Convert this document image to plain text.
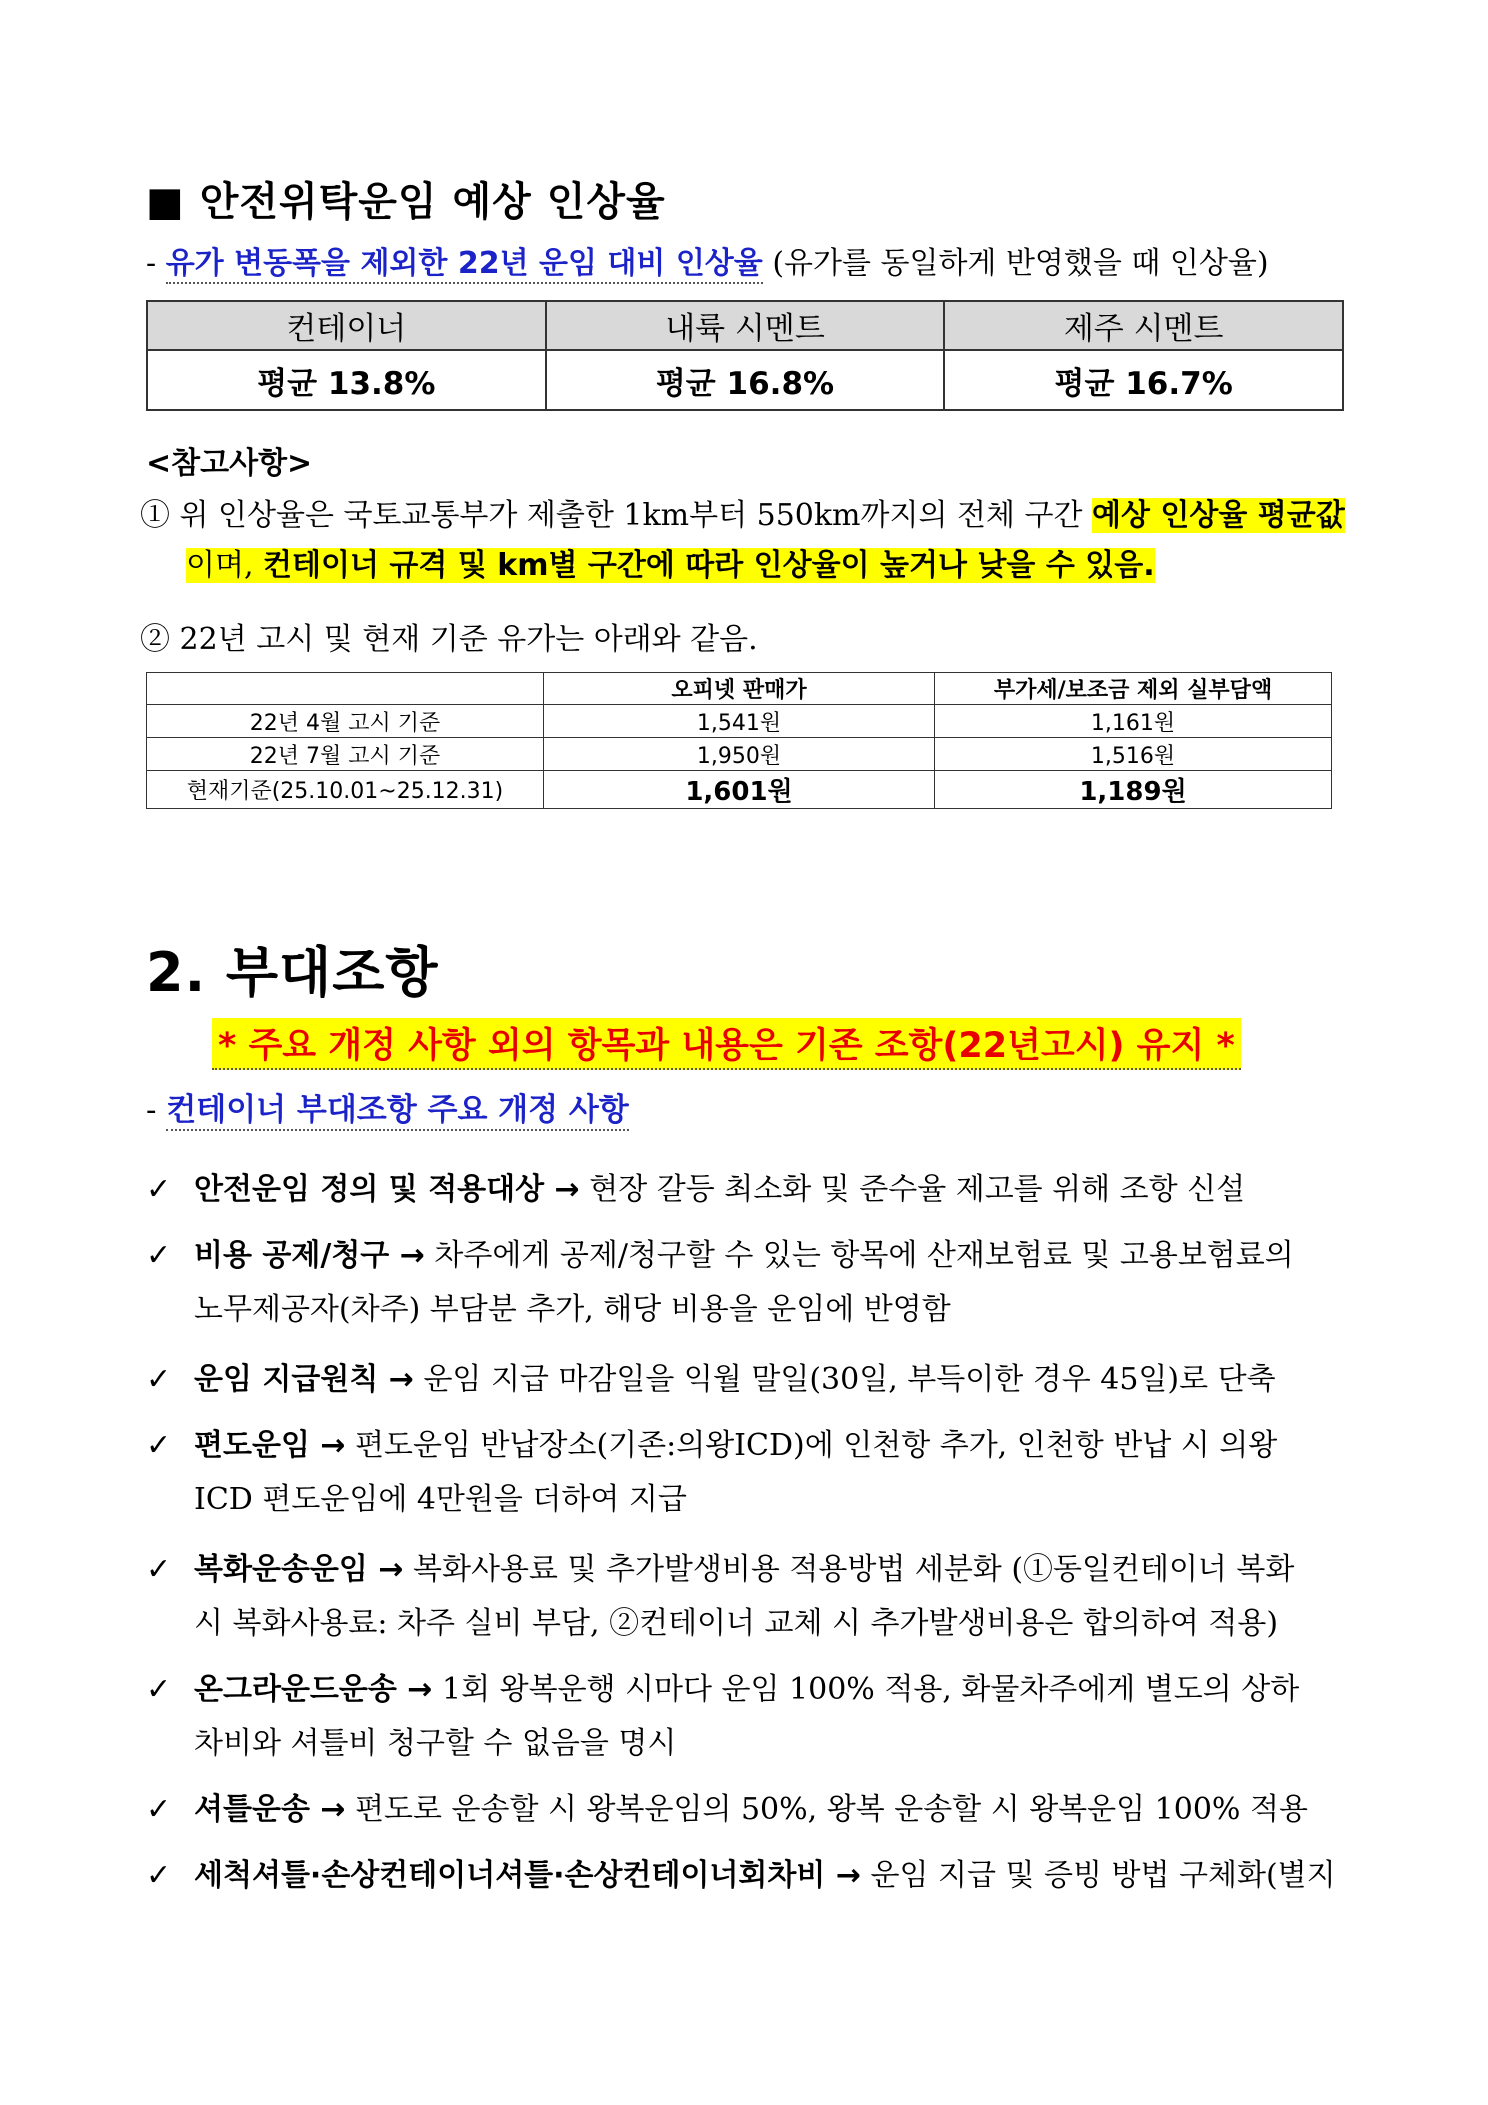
■ 안전위탁운임 예상 인상율
- 유가 변동폭을 제외한 22년 운임 대비 인상율 (유가를 동일하게 반영했을 때 인상율)
컨테이너	내륙 시멘트	제주 시멘트
평균 13.8%	평균 16.8%	평균 16.7%
<참고사항>
① 위 인상율은 국토교통부가 제출한 1km부터 550km까지의 전체 구간 예상 인상율 평균값
이며, 컨테이너 규격 및 km별 구간에 따라 인상율이 높거나 낮을 수 있음.
② 22년 고시 및 현재 기준 유가는 아래와 같음.
	오피넷 판매가	부가세/보조금 제외 실부담액
22년 4월 고시 기준	1,541원	1,161원
22년 7월 고시 기준	1,950원	1,516원
현재기준(25.10.01~25.12.31)	1,601원	1,189원
2. 부대조항
* 주요 개정 사항 외의 항목과 내용은 기존 조항(22년고시) 유지 *
- 컨테이너 부대조항 주요 개정 사항
✓ 안전운임 정의 및 적용대상 → 현장 갈등 최소화 및 준수율 제고를 위해 조항 신설
✓ 비용 공제/청구 → 차주에게 공제/청구할 수 있는 항목에 산재보험료 및 고용보험료의
노무제공자(차주) 부담분 추가, 해당 비용을 운임에 반영함
✓ 운임 지급원칙 → 운임 지급 마감일을 익월 말일(30일, 부득이한 경우 45일)로 단축
✓ 편도운임 → 편도운임 반납장소(기존:의왕ICD)에 인천항 추가, 인천항 반납 시 의왕
ICD 편도운임에 4만원을 더하여 지급
✓ 복화운송운임 → 복화사용료 및 추가발생비용 적용방법 세분화 (①동일컨테이너 복화
시 복화사용료: 차주 실비 부담, ②컨테이너 교체 시 추가발생비용은 합의하여 적용)
✓ 온그라운드운송 → 1회 왕복운행 시마다 운임 100% 적용, 화물차주에게 별도의 상하
차비와 셔틀비 청구할 수 없음을 명시
✓ 셔틀운송 → 편도로 운송할 시 왕복운임의 50%, 왕복 운송할 시 왕복운임 100% 적용
✓ 세척셔틀·손상컨테이너셔틀·손상컨테이너회차비 → 운임 지급 및 증빙 방법 구체화(별지
